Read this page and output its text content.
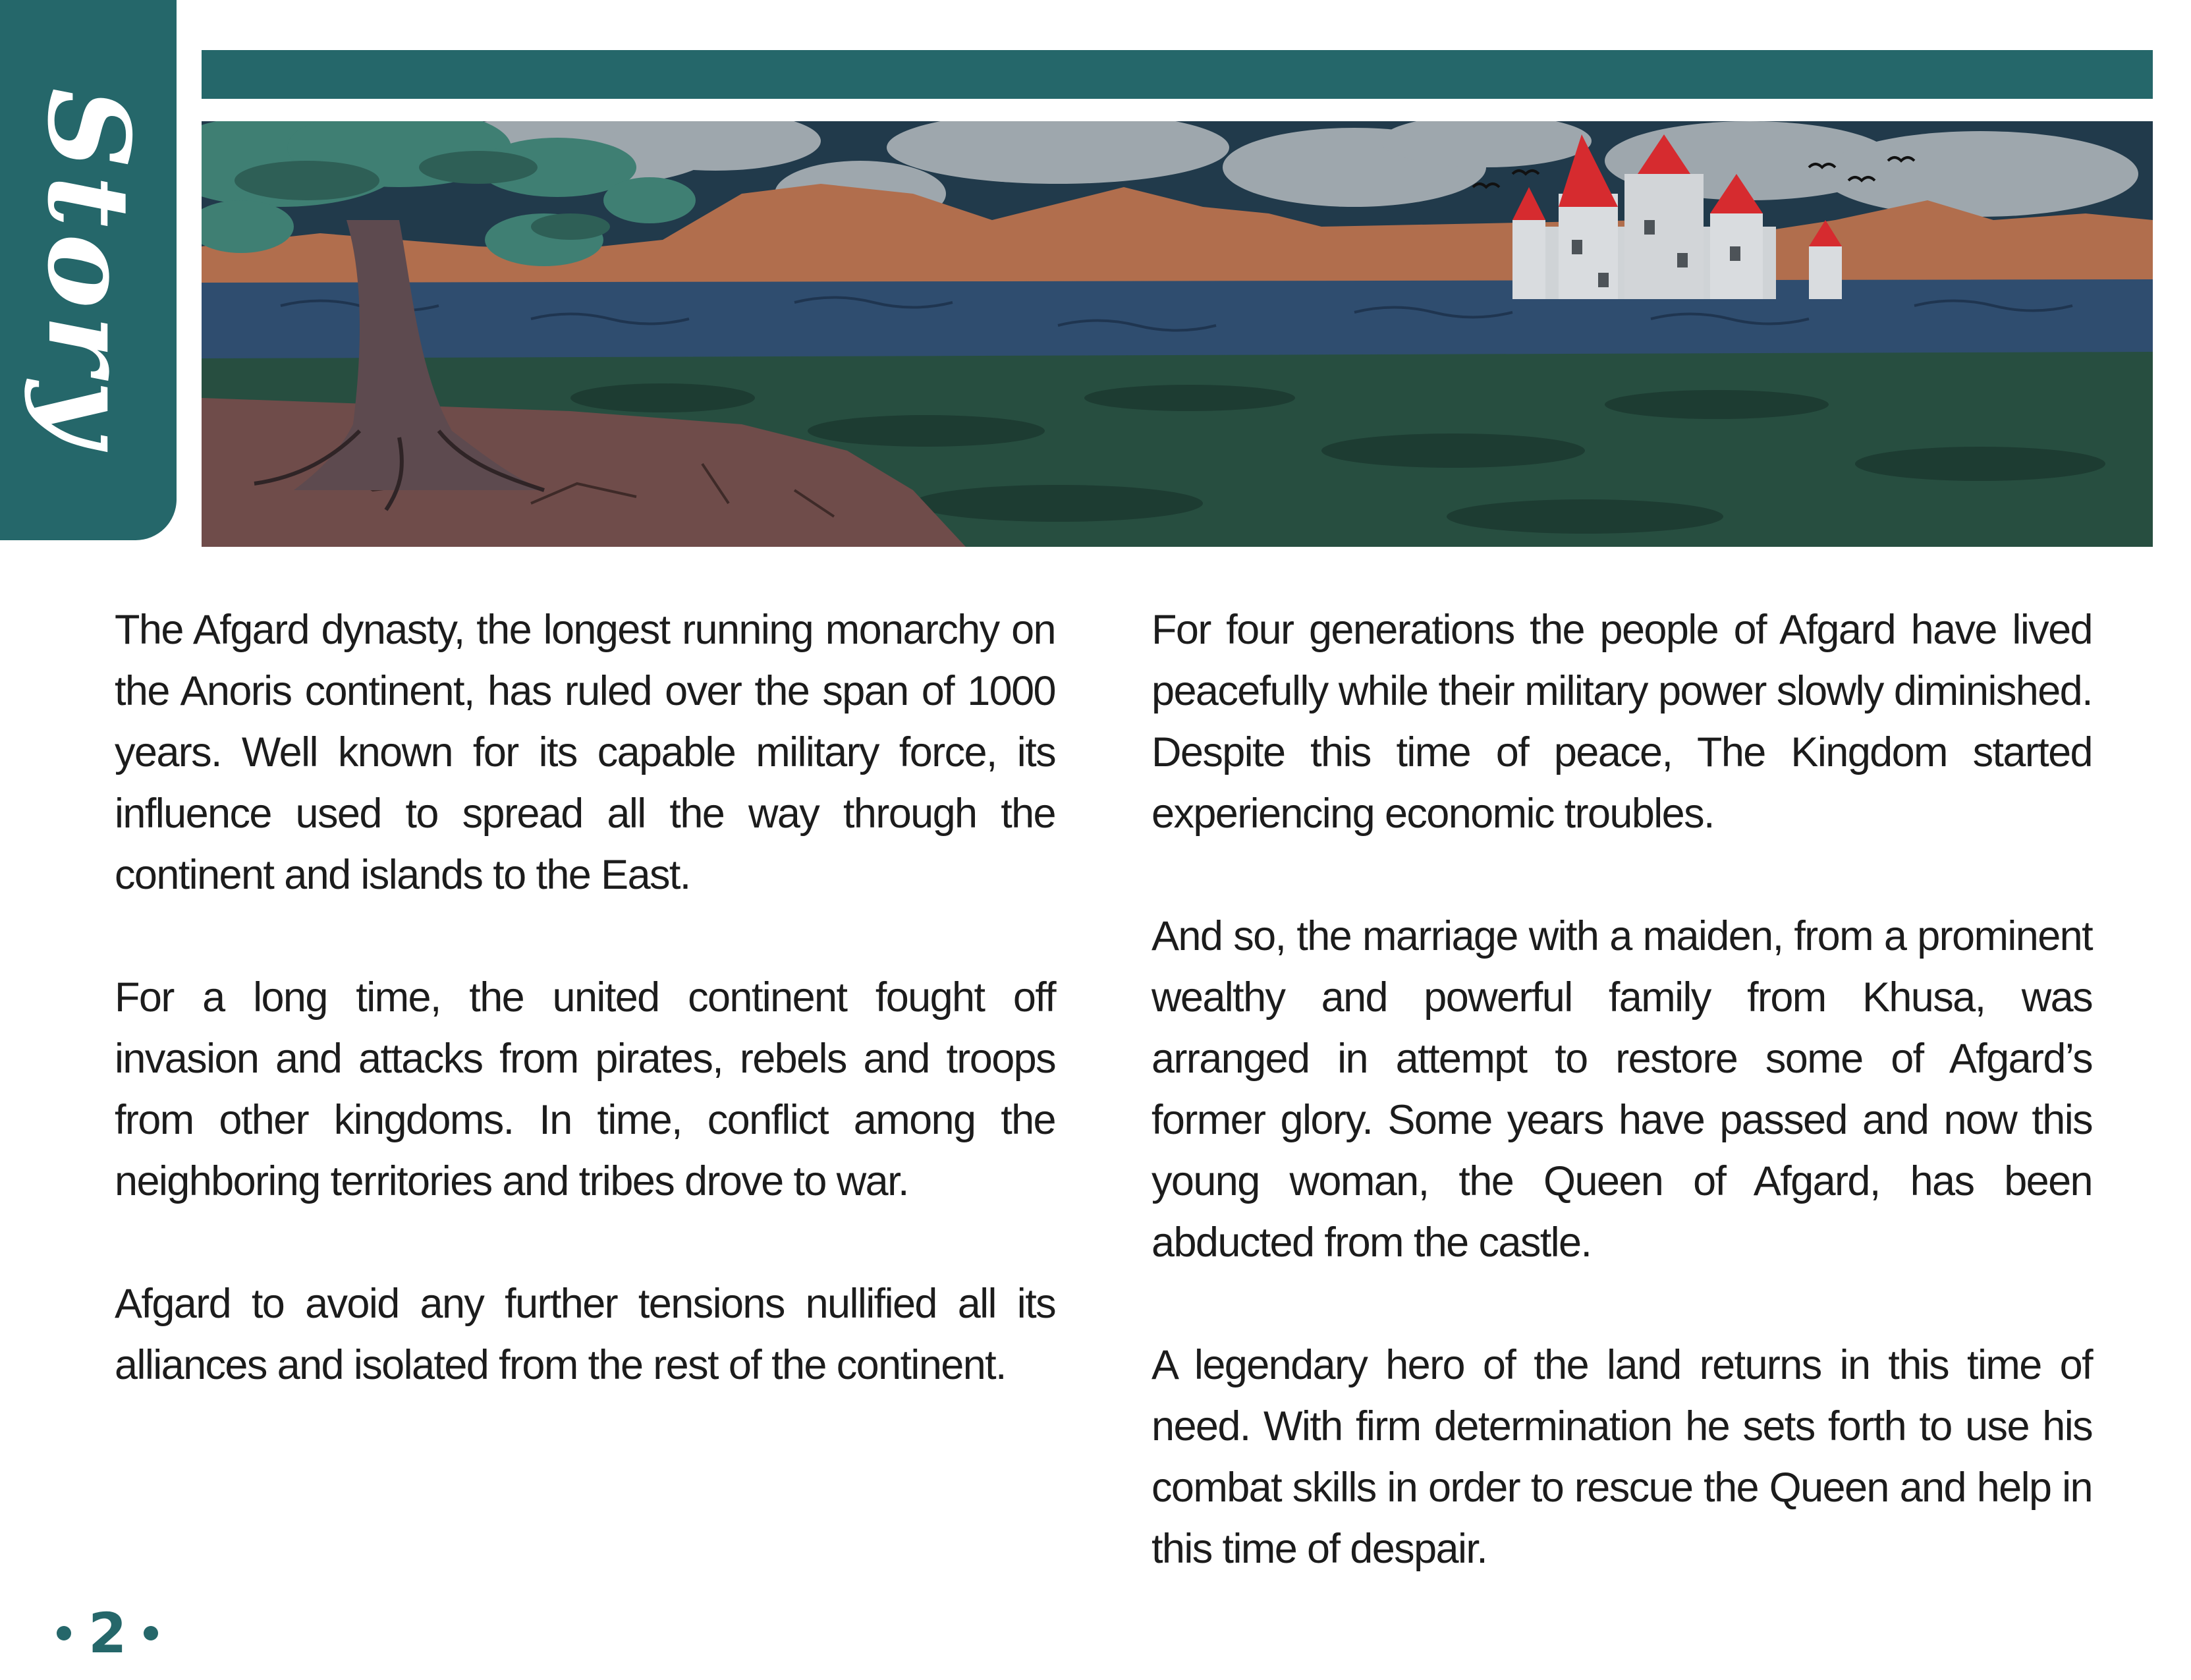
Story

The Afgard dynasty, the longest running monarchy on the Anoris continent, has ruled over the span of 1000 years. Well known for its capable military force, its influence used to spread all the way through the continent and islands to the East.

For a long time, the united continent fought off invasion and attacks from pirates, rebels and troops from other kingdoms. In time, conflict among the neighboring territories and tribes drove to war.

Afgard to avoid any further tensions nullified all its alliances and isolated from the rest of the continent.

For four generations the people of Afgard have lived peacefully while their military power slowly diminished. Despite this time of peace, The Kingdom started experiencing economic troubles.

And so, the marriage with a maiden, from a prominent wealthy and powerful family from Khusa, was arranged in attempt to restore some of Afgard’s former glory. Some years have passed and now this young woman, the Queen of Afgard, has been abducted from the castle.

A legendary hero of the land returns in this time of need. With firm determination he sets forth to use his combat skills in order to rescue the Queen and help in this time of despair.

2
